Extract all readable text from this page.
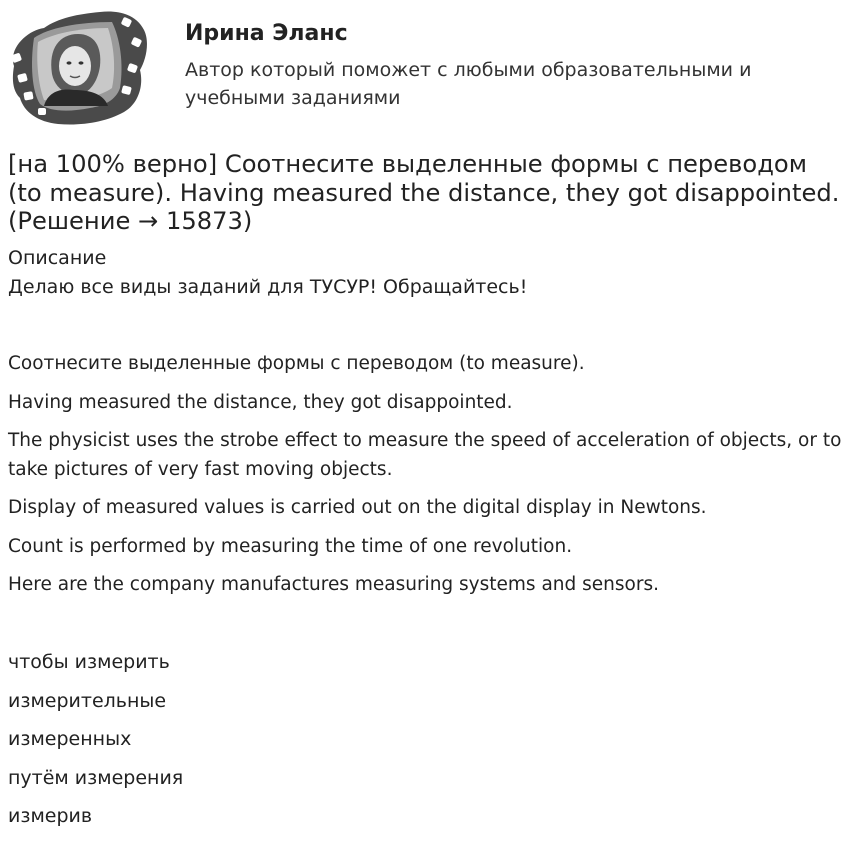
Ирина Эланс
Автор который поможет с любыми образовательными и учебными заданиями
[на 100% верно] Соотнесите выделенные формы с переводом (to measure). Having measured the distance, they got disappointed. (Решение → 15873)
Описание
Делаю все виды заданий для ТУСУР! Обращайтесь!

Соотнесите выделенные формы с переводом (to measure).

Having measured the distance, they got disappointed.

The physicist uses the strobe effect to measure the speed of acceleration of objects, or to take pictures of very fast moving objects.

Display of measured values is carried out on the digital display in Newtons.

Count is performed by measuring the time of one revolution.

Here are the company manufactures measuring systems and sensors.

чтобы измерить
измерительные
измеренных
путём измерения
измерив
